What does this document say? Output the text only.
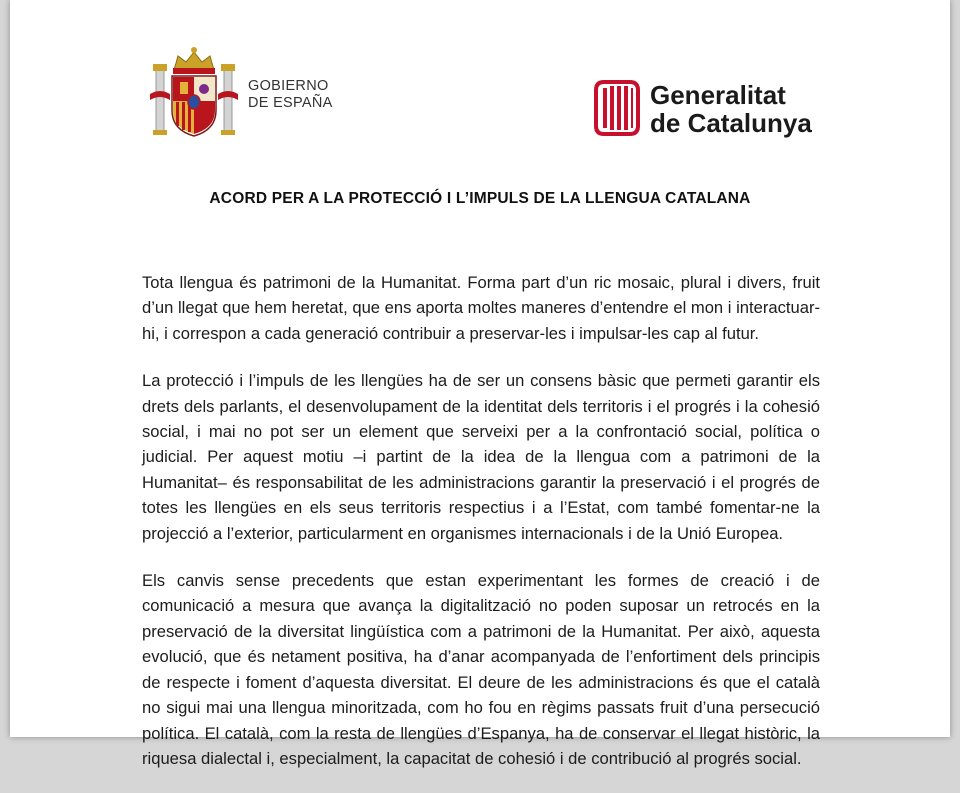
GOBIERNO
DE ESPAÑA	Generalitat
de Catalunya
ACORD PER A LA PROTECCIÓ I L’IMPULS DE LA LLENGUA CATALANA

Tota llengua és patrimoni de la Humanitat. Forma part d’un ric mosaic, plural i divers, fruit d’un llegat que hem heretat, que ens aporta moltes maneres d’entendre el mon i interactuar-hi, i correspon a cada generació contribuir a preservar-les i impulsar-les cap al futur.

La protecció i l’impuls de les llengües ha de ser un consens bàsic que permeti garantir els drets dels parlants, el desenvolupament de la identitat dels territoris i el progrés i la cohesió social, i mai no pot ser un element que serveixi per a la confrontació social, política o judicial. Per aquest motiu –i partint de la idea de la llengua com a patrimoni de la Humanitat– és responsabilitat de les administracions garantir la preservació i el progrés de totes les llengües en els seus territoris respectius i a l’Estat, com també fomentar-ne la projecció a l’exterior, particularment en organismes internacionals i de la Unió Europea.

Els canvis sense precedents que estan experimentant les formes de creació i de comunicació a mesura que avança la digitalització no poden suposar un retrocés en la preservació de la diversitat lingüística com a patrimoni de la Humanitat. Per això, aquesta evolució, que és netament positiva, ha d’anar acompanyada de l’enfortiment dels principis de respecte i foment d’aquesta diversitat. El deure de les administracions és que el català no sigui mai una llengua minoritzada, com ho fou en règims passats fruit d’una persecució política. El català, com la resta de llengües d’Espanya, ha de conservar el llegat històric, la riquesa dialectal i, especialment, la capacitat de cohesió i de contribució al progrés social.
